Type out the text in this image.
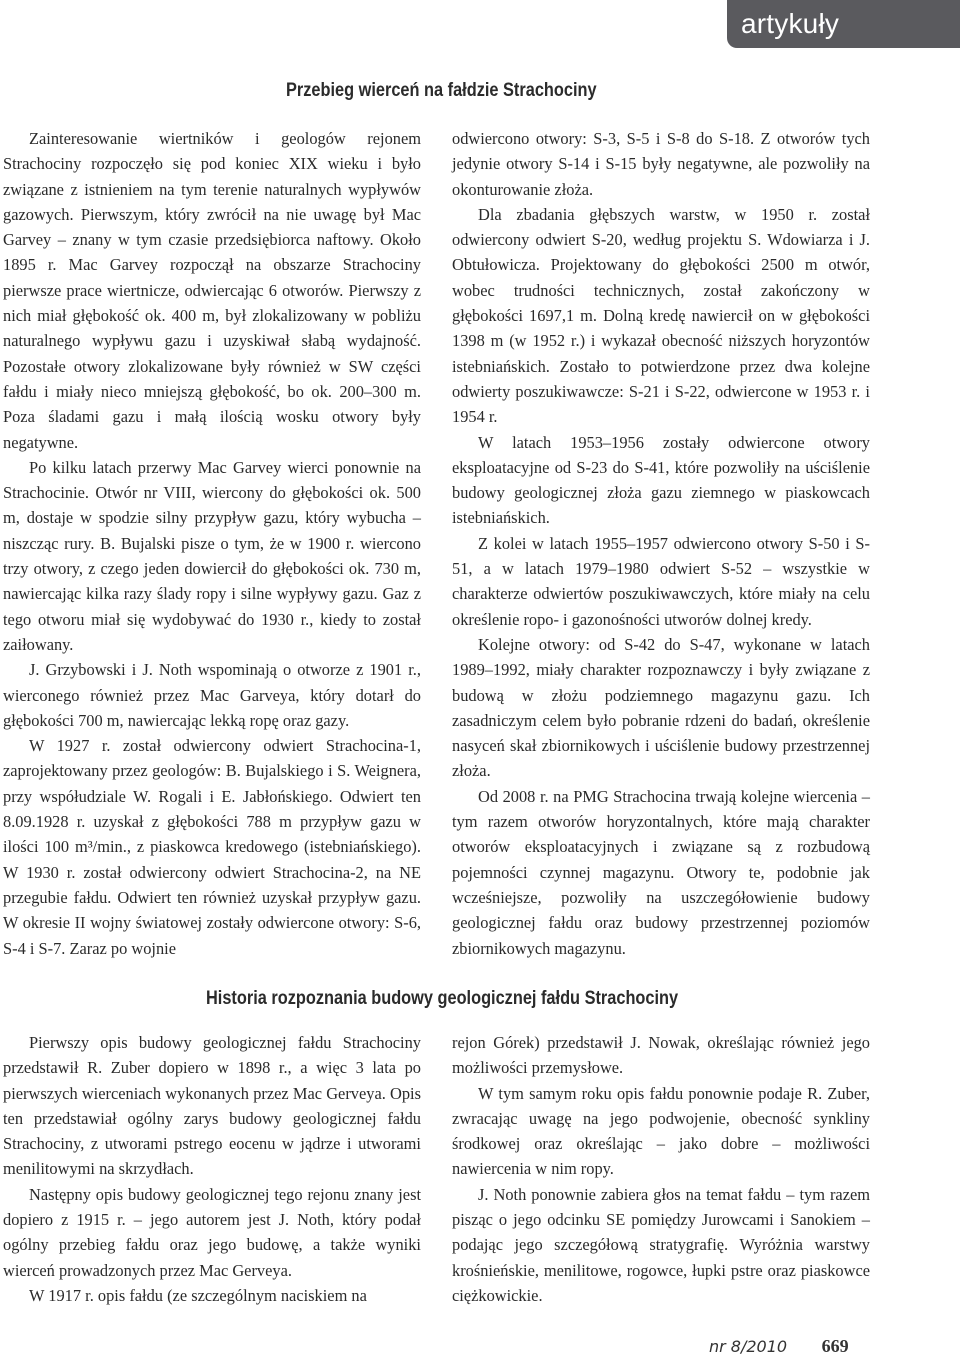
artykuły
Przebieg wierceń na fałdzie Strachociny

Zainteresowanie wiertników i geologów rejonem Strachociny rozpoczęło się pod koniec XIX wieku i było związane z istnieniem na tym terenie naturalnych wypływów gazowych. Pierwszym, który zwrócił na nie uwagę był Mac Garvey – znany w tym czasie przedsiębiorca naftowy. Około 1895 r. Mac Garvey rozpoczął na obszarze Strachociny pierwsze prace wiertnicze, odwiercając 6 otworów. Pierwszy z nich miał głębokość ok. 400 m, był zlokalizowany w pobliżu naturalnego wypływu gazu i uzyskiwał słabą wydajność. Pozostałe otwory zlokalizowane były również w SW części fałdu i miały nieco mniejszą głębokość, bo ok. 200–300 m. Poza śladami gazu i małą ilością wosku otwory były negatywne.

Po kilku latach przerwy Mac Garvey wierci ponownie na Strachocinie. Otwór nr VIII, wiercony do głębokości ok. 500 m, dostaje w spodzie silny przypływ gazu, który wybucha – niszcząc rury. B. Bujalski pisze o tym, że w 1900 r. wiercono trzy otwory, z czego jeden dowiercił do głębokości ok. 730 m, nawiercając kilka razy ślady ropy i silne wypływy gazu. Gaz z tego otworu miał się wydobywać do 1930 r., kiedy to został zaiłowany.

J. Grzybowski i J. Noth wspominają o otworze z 1901 r., wierconego również przez Mac Garveya, który dotarł do głębokości 700 m, nawiercając lekką ropę oraz gazy.

W 1927 r. został odwiercony odwiert Strachocina-1, zaprojektowany przez geologów: B. Bujalskiego i S. Weignera, przy współudziale W. Rogali i E. Jabłońskiego. Odwiert ten 8.09.1928 r. uzyskał z głębokości 788 m przypływ gazu w ilości 100 m³/min., z piaskowca kredowego (istebniańskiego). W 1930 r. został odwiercony odwiert Strachocina-2, na NE przegubie fałdu. Odwiert ten również uzyskał przypływ gazu. W okresie II wojny światowej zostały odwiercone otwory: S-6, S-4 i S-7. Zaraz po wojnie

odwiercono otwory: S-3, S-5 i S-8 do S-18. Z otworów tych jedynie otwory S-14 i S-15 były negatywne, ale pozwoliły na okonturowanie złoża.

Dla zbadania głębszych warstw, w 1950 r. został odwiercony odwiert S-20, według projektu S. Wdowiarza i J. Obtułowicza. Projektowany do głębokości 2500 m otwór, wobec trudności technicznych, został zakończony w głębokości 1697,1 m. Dolną kredę nawiercił on w głębokości 1398 m (w 1952 r.) i wykazał obecność niższych horyzontów istebniańskich. Zostało to potwierdzone przez dwa kolejne odwierty poszukiwawcze: S-21 i S-22, odwiercone w 1953 r. i 1954 r.

W latach 1953–1956 zostały odwiercone otwory eksploatacyjne od S-23 do S-41, które pozwoliły na uściślenie budowy geologicznej złoża gazu ziemnego w piaskowcach istebniańskich.

Z kolei w latach 1955–1957 odwiercono otwory S-50 i S-51, a w latach 1979–1980 odwiert S-52 – wszystkie w charakterze odwiertów poszukiwawczych, które miały na celu określenie ropo- i gazonośności utworów dolnej kredy.

Kolejne otwory: od S-42 do S-47, wykonane w latach 1989–1992, miały charakter rozpoznawczy i były związane z budową w złożu podziemnego magazynu gazu. Ich zasadniczym celem było pobranie rdzeni do badań, określenie nasyceń skał zbiornikowych i uściślenie budowy przestrzennej złoża.

Od 2008 r. na PMG Strachocina trwają kolejne wiercenia – tym razem otworów horyzontalnych, które mają charakter otworów eksploatacyjnych i związane są z rozbudową pojemności czynnej magazynu. Otwory te, podobnie jak wcześniejsze, pozwoliły na uszczegółowienie budowy geologicznej fałdu oraz budowy przestrzennej poziomów zbiornikowych magazynu.

Historia rozpoznania budowy geologicznej fałdu Strachociny

Pierwszy opis budowy geologicznej fałdu Strachociny przedstawił R. Zuber dopiero w 1898 r., a więc 3 lata po pierwszych wierceniach wykonanych przez Mac Gerveya. Opis ten przedstawiał ogólny zarys budowy geologicznej fałdu Strachociny, z utworami pstrego eocenu w jądrze i utworami menilitowymi na skrzydłach.

Następny opis budowy geologicznej tego rejonu znany jest dopiero z 1915 r. – jego autorem jest J. Noth, który podał ogólny przebieg fałdu oraz jego budowę, a także wyniki wierceń prowadzonych przez Mac Gerveya.

W 1917 r. opis fałdu (ze szczególnym naciskiem na

rejon Górek) przedstawił J. Nowak, określając również jego możliwości przemysłowe.

W tym samym roku opis fałdu ponownie podaje R. Zuber, zwracając uwagę na jego podwojenie, obecność synkliny środkowej oraz określając – jako dobre – możliwości nawiercenia w nim ropy.

J. Noth ponownie zabiera głos na temat fałdu – tym razem pisząc o jego odcinku SE pomiędzy Jurowcami i Sanokiem – podając jego szczegółową stratygrafię. Wyróżnia warstwy krośnieńskie, menilitowe, rogowce, łupki pstre oraz piaskowce ciężkowickie.

nr 8/2010 669
